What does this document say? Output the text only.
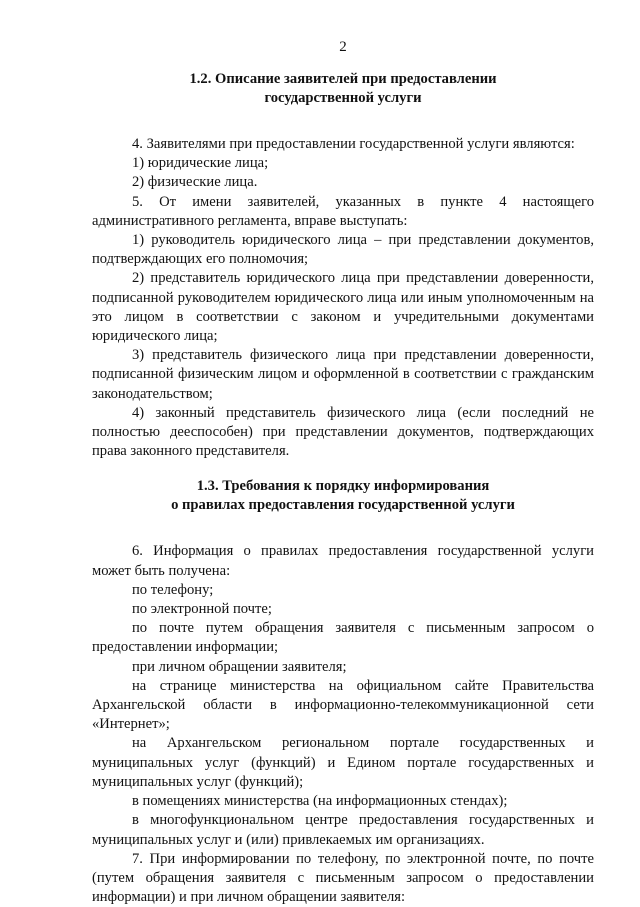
2
1.2. Описание заявителей при предоставлении
государственной услуги

4. Заявителями при предоставлении государственной услуги являются:

1) юридические лица;

2) физические лица.

5. От имени заявителей, указанных в пункте 4 настоящего административного регламента, вправе выступать:

1) руководитель юридического лица – при представлении документов, подтверждающих его полномочия;

2) представитель юридического лица при представлении доверенности, подписанной руководителем юридического лица или иным уполномоченным на это лицом в соответствии с законом и учредительными документами юридического лица;

3) представитель физического лица при представлении доверенности, подписанной физическим лицом и оформленной в соответствии с гражданским законодательством;

4) законный представитель физического лица (если последний не полностью дееспособен) при представлении документов, подтверждающих права законного представителя.

1.3. Требования к порядку информирования
о правилах предоставления государственной услуги

6. Информация о правилах предоставления государственной услуги может быть получена:

по телефону;

по электронной почте;

по почте путем обращения заявителя с письменным запросом о предоставлении информации;

при личном обращении заявителя;

на странице министерства на официальном сайте Правительства Архангельской области в информационно-телекоммуникационной сети «Интернет»;

на Архангельском региональном портале государственных и муниципальных услуг (функций) и Едином портале государственных и муниципальных услуг (функций);

в помещениях министерства (на информационных стендах);

в многофункциональном центре предоставления государственных и муниципальных услуг и (или) привлекаемых им организациях.

7. При информировании по телефону, по электронной почте, по почте (путем обращения заявителя с письменным запросом о предоставлении информации) и при личном обращении заявителя:
